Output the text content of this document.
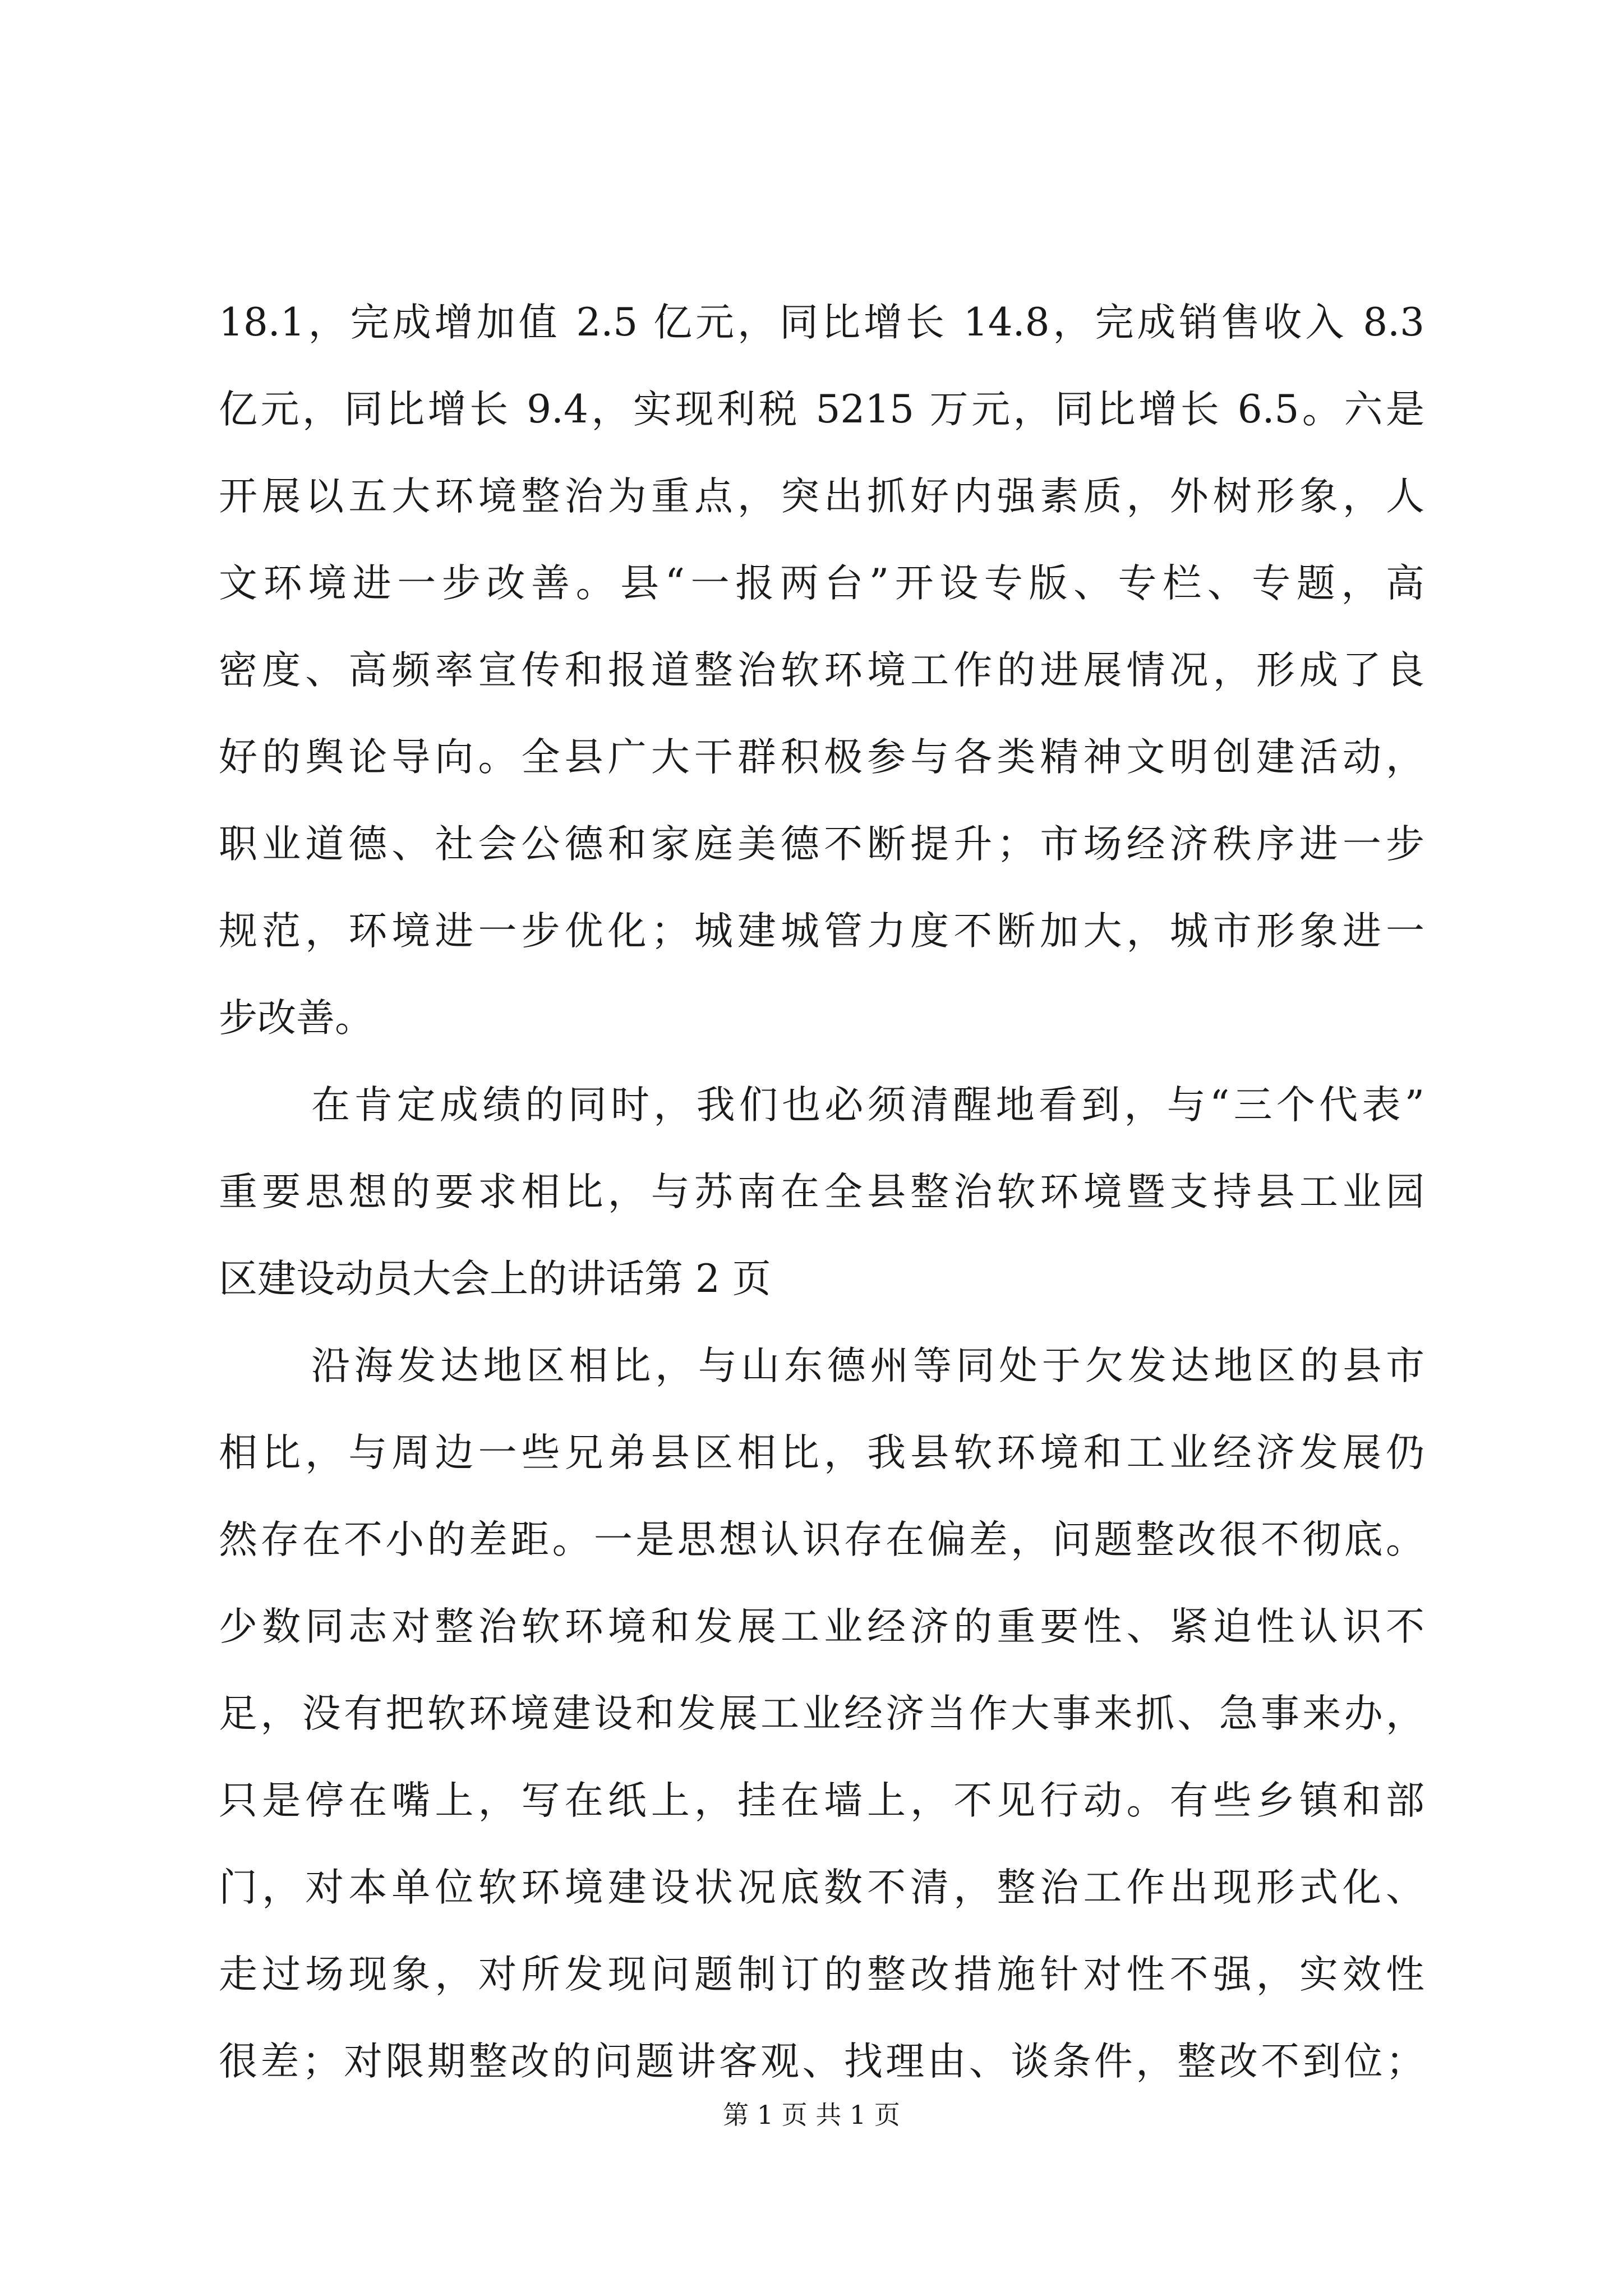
18.1，完成增加值 2.5 亿元，同比增长 14.8，完成销售收入 8.3

亿元，同比增长 9.4，实现利税 5215 万元，同比增长 6.5。六是

开展以五大环境整治为重点，突出抓好内强素质，外树形象，人

文环境进一步改善。县“一报两台”开设专版、专栏、专题，高

密度、高频率宣传和报道整治软环境工作的进展情况，形成了良

好的舆论导向。全县广大干群积极参与各类精神文明创建活动，

职业道德、社会公德和家庭美德不断提升；市场经济秩序进一步

规范，环境进一步优化；城建城管力度不断加大，城市形象进一

步改善。

在肯定成绩的同时，我们也必须清醒地看到，与“三个代表”

重要思想的要求相比，与苏南在全县整治软环境暨支持县工业园

区建设动员大会上的讲话第 2 页

沿海发达地区相比，与山东德州等同处于欠发达地区的县市

相比，与周边一些兄弟县区相比，我县软环境和工业经济发展仍

然存在不小的差距。一是思想认识存在偏差，问题整改很不彻底。

少数同志对整治软环境和发展工业经济的重要性、紧迫性认识不

足，没有把软环境建设和发展工业经济当作大事来抓、急事来办，

只是停在嘴上，写在纸上，挂在墙上，不见行动。有些乡镇和部

门，对本单位软环境建设状况底数不清，整治工作出现形式化、

走过场现象，对所发现问题制订的整改措施针对性不强，实效性

很差；对限期整改的问题讲客观、找理由、谈条件，整改不到位；

第 1 页 共 1 页
